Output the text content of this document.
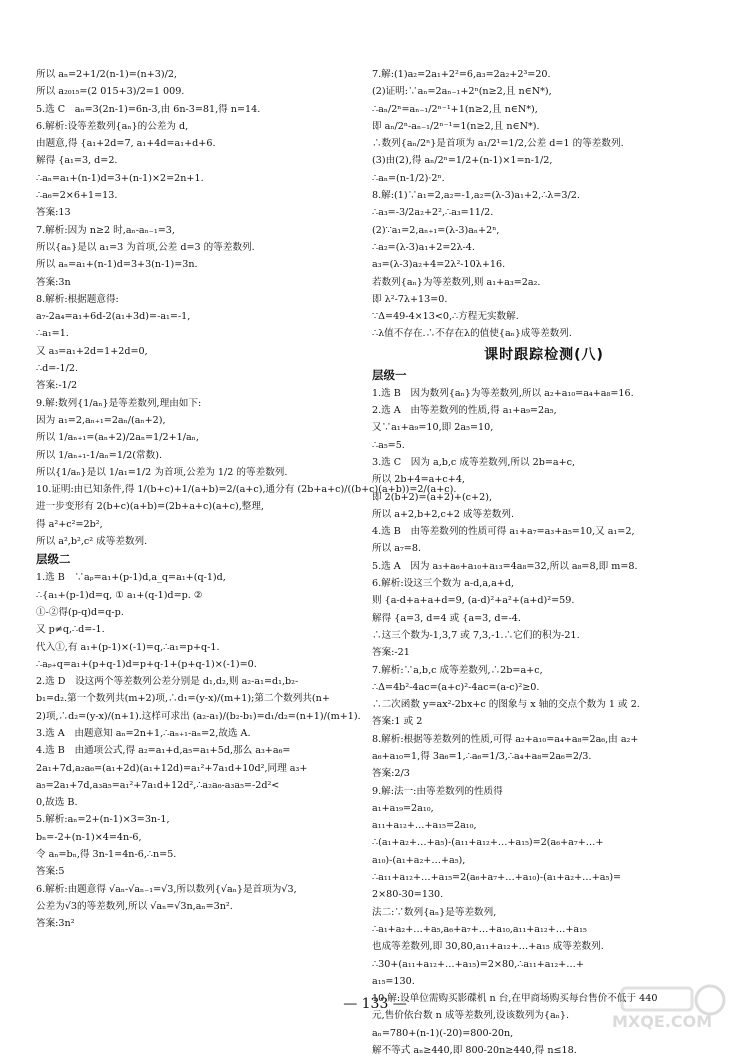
所以 aₙ=2+1/2(n-1)=(n+3)/2,
所以 a₂₀₁₅=(2 015+3)/2=1 009.
5.选 C　aₙ=3(2n-1)=6n-3,由 6n-3=81,得 n=14.
6.解析:设等差数列{aₙ}的公差为 d,
由题意,得 {a₁+2d=7, a₁+4d=a₁+d+6.
解得 {a₁=3, d=2.
∴aₙ=a₁+(n-1)d=3+(n-1)×2=2n+1.
∴a₆=2×6+1=13.
答案:13
7.解析:因为 n≥2 时,aₙ-aₙ₋₁=3,
所以{aₙ}是以 a₁=3 为首项,公差 d=3 的等差数列.
所以 aₙ=a₁+(n-1)d=3+3(n-1)=3n.
答案:3n
8.解析:根据题意得:
a₇-2a₄=a₁+6d-2(a₁+3d)=-a₁=-1,
∴a₁=1.
又 a₃=a₁+2d=1+2d=0,
∴d=-1/2.
答案:-1/2
9.解:数列{1/aₙ}是等差数列,理由如下:
因为 a₁=2,aₙ₊₁=2aₙ/(aₙ+2),
所以 1/aₙ₊₁=(aₙ+2)/2aₙ=1/2+1/aₙ,
所以 1/aₙ₊₁-1/aₙ=1/2(常数).
所以{1/aₙ}是以 1/a₁=1/2 为首项,公差为 1/2 的等差数列.
10.证明:由已知条件,得 1/(b+c)+1/(a+b)=2/(a+c),通分有 (2b+a+c)/((b+c)(a+b))=2/(a+c).
进一步变形有 2(b+c)(a+b)=(2b+a+c)(a+c),整理,
得 a²+c²=2b²,
所以 a²,b²,c² 成等差数列.
层级二
1.选 B　∵aₚ=a₁+(p-1)d,a_q=a₁+(q-1)d,
∴{a₁+(p-1)d=q, ① a₁+(q-1)d=p. ②
①-②得(p-q)d=q-p.
又 p≠q,∴d=-1.
代入①,有 a₁+(p-1)×(-1)=q,∴a₁=p+q-1.
∴aₚ₊q=a₁+(p+q-1)d=p+q-1+(p+q-1)×(-1)=0.
2.选 D　设这两个等差数列公差分别是 d₁,d₂,则 a₂-a₁=d₁,b₂-
b₁=d₂.第一个数列共(m+2)项,∴d₁=(y-x)/(m+1);第二个数列共(n+
2)项,∴d₂=(y-x)/(n+1).这样可求出 (a₂-a₁)/(b₂-b₁)=d₁/d₂=(n+1)/(m+1).
3.选 A　由题意知 aₙ=2n+1,∴aₙ₊₁-aₙ=2,故选 A.
4.选 B　由通项公式,得 a₂=a₁+d,a₅=a₁+5d,那么 a₃+a₆=
2a₁+7d,a₂a₆=(a₁+2d)(a₁+12d)=a₁²+7a₁d+10d²,同理 a₃+
a₅=2a₁+7d,a₃a₅=a₁²+7a₁d+12d²,∴a₂a₆-a₃a₅=-2d²<
0,故选 B.
5.解析:aₙ=2+(n-1)×3=3n-1,
bₙ=-2+(n-1)×4=4n-6,
令 aₙ=bₙ,得 3n-1=4n-6,∴n=5.
答案:5
6.解析:由题意得 √aₙ-√aₙ₋₁=√3,所以数列{√aₙ}是首项为√3,
公差为√3的等差数列,所以 √aₙ=√3n,aₙ=3n².
答案:3n²
7.解:(1)a₂=2a₁+2²=6,a₃=2a₂+2³=20.
(2)证明:∵aₙ=2aₙ₋₁+2ⁿ(n≥2,且 n∈N*),
∴aₙ/2ⁿ=aₙ₋₁/2ⁿ⁻¹+1(n≥2,且 n∈N*),
即 aₙ/2ⁿ-aₙ₋₁/2ⁿ⁻¹=1(n≥2,且 n∈N*).
∴数列{aₙ/2ⁿ}是首项为 a₁/2¹=1/2,公差 d=1 的等差数列.
(3)由(2),得 aₙ/2ⁿ=1/2+(n-1)×1=n-1/2,
∴aₙ=(n-1/2)·2ⁿ.
8.解:(1)∵a₁=2,a₂=-1,a₂=(λ-3)a₁+2,∴λ=3/2.
∴a₃=-3/2a₂+2²,∴a₃=11/2.
(2)∵a₁=2,aₙ₊₁=(λ-3)aₙ+2ⁿ,
∴a₂=(λ-3)a₁+2=2λ-4.
a₃=(λ-3)a₂+4=2λ²-10λ+16.
若数列{aₙ}为等差数列,则 a₁+a₃=2a₂.
即 λ²-7λ+13=0.
∵Δ=49-4×13<0,∴方程无实数解.
∴λ值不存在.∴不存在λ的值使{aₙ}成等差数列.
课时跟踪检测(八)
层级一
1.选 B　因为数列{aₙ}为等差数列,所以 a₂+a₁₀=a₄+a₈=16.
2.选 A　由等差数列的性质,得 a₁+a₉=2a₅,
又∵a₁+a₉=10,即 2a₅=10,
∴a₅=5.
3.选 C　因为 a,b,c 成等差数列,所以 2b=a+c,
所以 2b+4=a+c+4,
即 2(b+2)=(a+2)+(c+2),
所以 a+2,b+2,c+2 成等差数列.
4.选 B　由等差数列的性质可得 a₁+a₇=a₃+a₅=10,又 a₁=2,
所以 a₇=8.
5.选 A　因为 a₃+a₆+a₁₀+a₁₃=4a₈=32,所以 a₈=8,即 m=8.
6.解析:设这三个数为 a-d,a,a+d,
则 {a-d+a+a+d=9, (a-d)²+a²+(a+d)²=59.
解得 {a=3, d=4 或 {a=3, d=-4.
∴这三个数为-1,3,7 或 7,3,-1.∴它们的积为-21.
答案:-21
7.解析:∵a,b,c 成等差数列,∴2b=a+c,
∴Δ=4b²-4ac=(a+c)²-4ac=(a-c)²≥0.
∴二次函数 y=ax²-2bx+c 的图象与 x 轴的交点个数为 1 或 2.
答案:1 或 2
8.解析:根据等差数列的性质,可得 a₂+a₁₀=a₄+a₈=2a₆,由 a₂+
a₆+a₁₀=1,得 3a₆=1,∴a₆=1/3,∴a₄+a₈=2a₆=2/3.
答案:2/3
9.解:法一:由等差数列的性质得
a₁+a₁₉=2a₁₀,
a₁₁+a₁₂+…+a₁₅=2a₁₀,
∴(a₁+a₂+…+a₅)-(a₁₁+a₁₂+…+a₁₅)=2(a₆+a₇+…+
a₁₀)-(a₁+a₂+…+a₅),
∴a₁₁+a₁₂+…+a₁₅=2(a₆+a₇+…+a₁₀)-(a₁+a₂+…+a₅)=
2×80-30=130.
法二:∵数列{aₙ}是等差数列,
∴a₁+a₂+…+a₅,a₆+a₇+…+a₁₀,a₁₁+a₁₂+…+a₁₅
也成等差数列,即 30,80,a₁₁+a₁₂+…+a₁₅ 成等差数列.
∴30+(a₁₁+a₁₂+…+a₁₅)=2×80,∴a₁₁+a₁₂+…+
a₁₅=130.
10.解:设单位需购买影碟机 n 台,在甲商场购买每台售价不低于 440
元,售价依台数 n 成等差数列,设该数列为{aₙ}.
aₙ=780+(n-1)(-20)=800-20n,
解不等式 aₙ≥440,即 800-20n≥440,得 n≤18.
— 133 —
MXQE.COM
